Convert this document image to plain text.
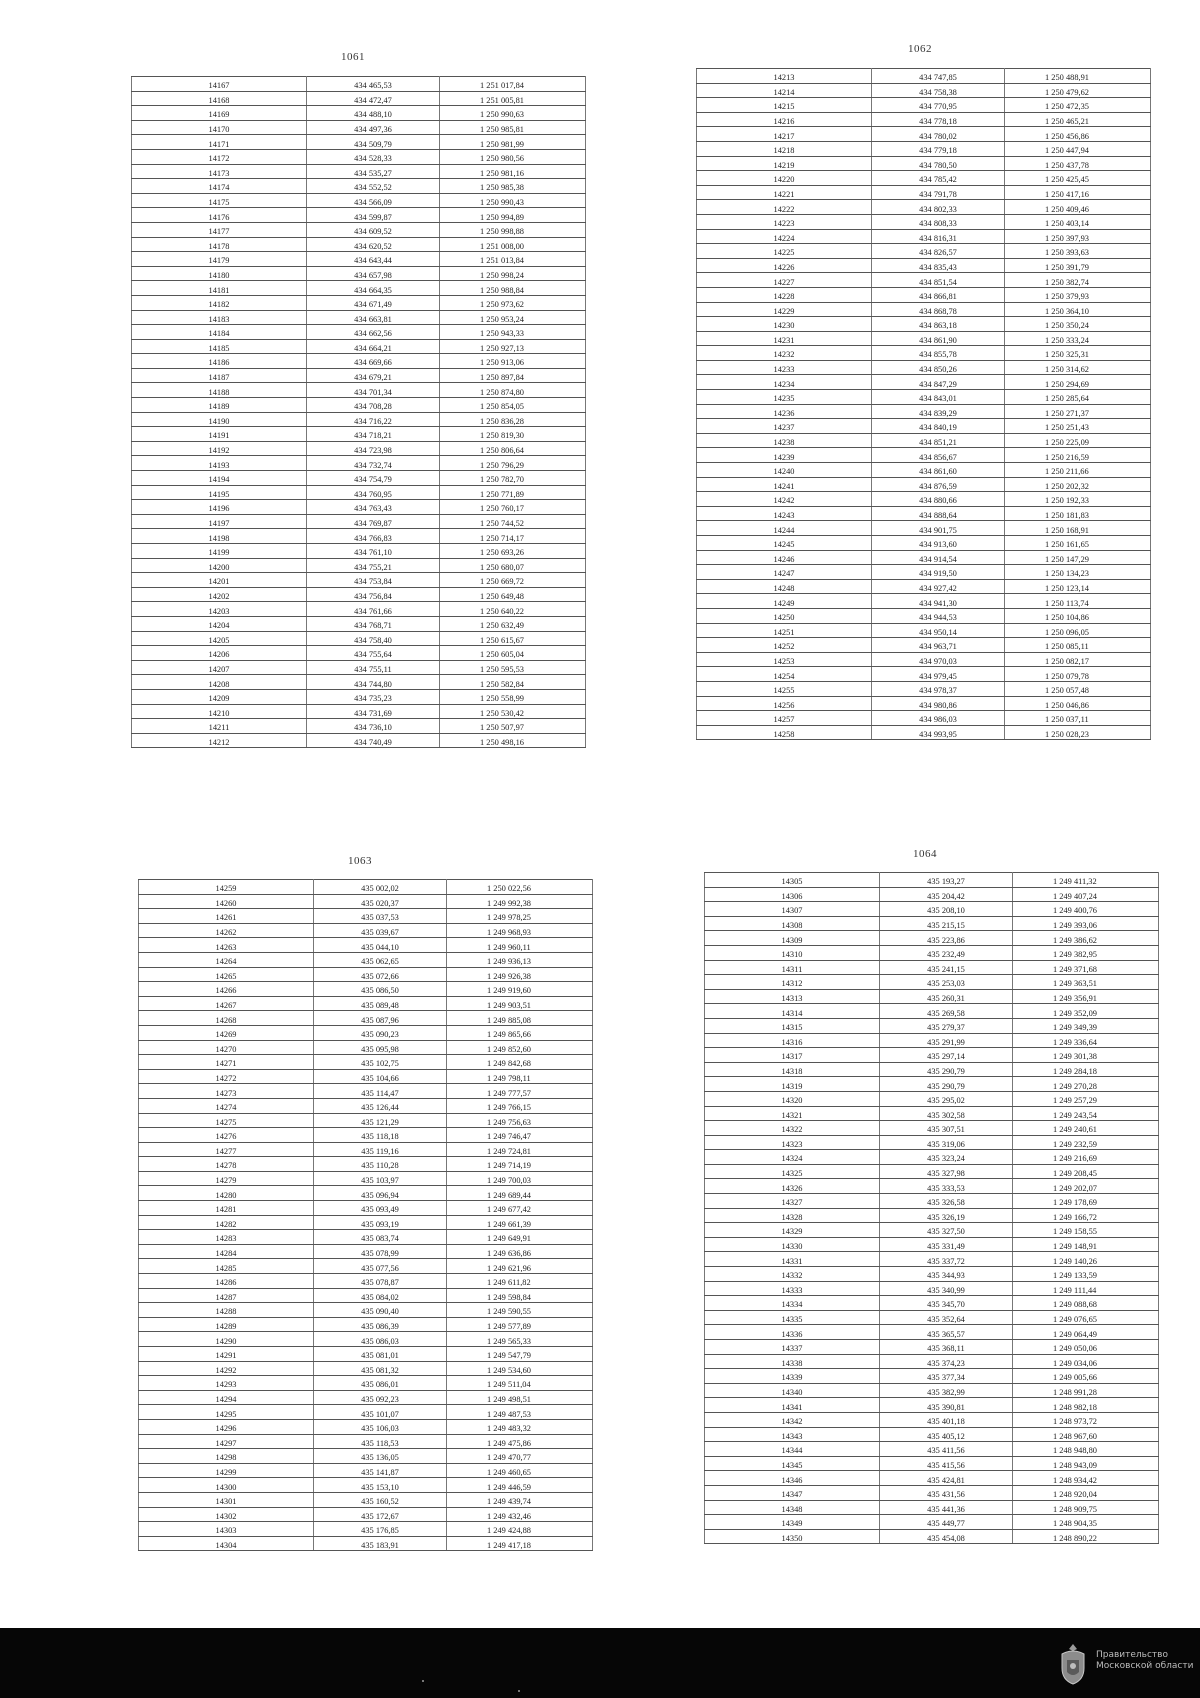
1061
14167	434 465,53	1 251 017,84
14168	434 472,47	1 251 005,81
14169	434 488,10	1 250 990,63
14170	434 497,36	1 250 985,81
14171	434 509,79	1 250 981,99
14172	434 528,33	1 250 980,56
14173	434 535,27	1 250 981,16
14174	434 552,52	1 250 985,38
14175	434 566,09	1 250 990,43
14176	434 599,87	1 250 994,89
14177	434 609,52	1 250 998,88
14178	434 620,52	1 251 008,00
14179	434 643,44	1 251 013,84
14180	434 657,98	1 250 998,24
14181	434 664,35	1 250 988,84
14182	434 671,49	1 250 973,62
14183	434 663,81	1 250 953,24
14184	434 662,56	1 250 943,33
14185	434 664,21	1 250 927,13
14186	434 669,66	1 250 913,06
14187	434 679,21	1 250 897,84
14188	434 701,34	1 250 874,80
14189	434 708,28	1 250 854,05
14190	434 716,22	1 250 836,28
14191	434 718,21	1 250 819,30
14192	434 723,98	1 250 806,64
14193	434 732,74	1 250 796,29
14194	434 754,79	1 250 782,70
14195	434 760,95	1 250 771,89
14196	434 763,43	1 250 760,17
14197	434 769,87	1 250 744,52
14198	434 766,83	1 250 714,17
14199	434 761,10	1 250 693,26
14200	434 755,21	1 250 680,07
14201	434 753,84	1 250 669,72
14202	434 756,84	1 250 649,48
14203	434 761,66	1 250 640,22
14204	434 768,71	1 250 632,49
14205	434 758,40	1 250 615,67
14206	434 755,64	1 250 605,04
14207	434 755,11	1 250 595,53
14208	434 744,80	1 250 582,84
14209	434 735,23	1 250 558,99
14210	434 731,69	1 250 530,42
14211	434 736,10	1 250 507,97
14212	434 740,49	1 250 498,16
1062
14213	434 747,85	1 250 488,91
14214	434 758,38	1 250 479,62
14215	434 770,95	1 250 472,35
14216	434 778,18	1 250 465,21
14217	434 780,02	1 250 456,86
14218	434 779,18	1 250 447,94
14219	434 780,50	1 250 437,78
14220	434 785,42	1 250 425,45
14221	434 791,78	1 250 417,16
14222	434 802,33	1 250 409,46
14223	434 808,33	1 250 403,14
14224	434 816,31	1 250 397,93
14225	434 826,57	1 250 393,63
14226	434 835,43	1 250 391,79
14227	434 851,54	1 250 382,74
14228	434 866,81	1 250 379,93
14229	434 868,78	1 250 364,10
14230	434 863,18	1 250 350,24
14231	434 861,90	1 250 333,24
14232	434 855,78	1 250 325,31
14233	434 850,26	1 250 314,62
14234	434 847,29	1 250 294,69
14235	434 843,01	1 250 285,64
14236	434 839,29	1 250 271,37
14237	434 840,19	1 250 251,43
14238	434 851,21	1 250 225,09
14239	434 856,67	1 250 216,59
14240	434 861,60	1 250 211,66
14241	434 876,59	1 250 202,32
14242	434 880,66	1 250 192,33
14243	434 888,64	1 250 181,83
14244	434 901,75	1 250 168,91
14245	434 913,60	1 250 161,65
14246	434 914,54	1 250 147,29
14247	434 919,50	1 250 134,23
14248	434 927,42	1 250 123,14
14249	434 941,30	1 250 113,74
14250	434 944,53	1 250 104,86
14251	434 950,14	1 250 096,05
14252	434 963,71	1 250 085,11
14253	434 970,03	1 250 082,17
14254	434 979,45	1 250 079,78
14255	434 978,37	1 250 057,48
14256	434 980,86	1 250 046,86
14257	434 986,03	1 250 037,11
14258	434 993,95	1 250 028,23
1063
14259	435 002,02	1 250 022,56
14260	435 020,37	1 249 992,38
14261	435 037,53	1 249 978,25
14262	435 039,67	1 249 968,93
14263	435 044,10	1 249 960,11
14264	435 062,65	1 249 936,13
14265	435 072,66	1 249 926,38
14266	435 086,50	1 249 919,60
14267	435 089,48	1 249 903,51
14268	435 087,96	1 249 885,08
14269	435 090,23	1 249 865,66
14270	435 095,98	1 249 852,60
14271	435 102,75	1 249 842,68
14272	435 104,66	1 249 798,11
14273	435 114,47	1 249 777,57
14274	435 126,44	1 249 766,15
14275	435 121,29	1 249 756,63
14276	435 118,18	1 249 746,47
14277	435 119,16	1 249 724,81
14278	435 110,28	1 249 714,19
14279	435 103,97	1 249 700,03
14280	435 096,94	1 249 689,44
14281	435 093,49	1 249 677,42
14282	435 093,19	1 249 661,39
14283	435 083,74	1 249 649,91
14284	435 078,99	1 249 636,86
14285	435 077,56	1 249 621,96
14286	435 078,87	1 249 611,82
14287	435 084,02	1 249 598,84
14288	435 090,40	1 249 590,55
14289	435 086,39	1 249 577,89
14290	435 086,03	1 249 565,33
14291	435 081,01	1 249 547,79
14292	435 081,32	1 249 534,60
14293	435 086,01	1 249 511,04
14294	435 092,23	1 249 498,51
14295	435 101,07	1 249 487,53
14296	435 106,03	1 249 483,32
14297	435 118,53	1 249 475,86
14298	435 136,05	1 249 470,77
14299	435 141,87	1 249 460,65
14300	435 153,10	1 249 446,59
14301	435 160,52	1 249 439,74
14302	435 172,67	1 249 432,46
14303	435 176,85	1 249 424,88
14304	435 183,91	1 249 417,18
1064
14305	435 193,27	1 249 411,32
14306	435 204,42	1 249 407,24
14307	435 208,10	1 249 400,76
14308	435 215,15	1 249 393,06
14309	435 223,86	1 249 386,62
14310	435 232,49	1 249 382,95
14311	435 241,15	1 249 371,68
14312	435 253,03	1 249 363,51
14313	435 260,31	1 249 356,91
14314	435 269,58	1 249 352,09
14315	435 279,37	1 249 349,39
14316	435 291,99	1 249 336,64
14317	435 297,14	1 249 301,38
14318	435 290,79	1 249 284,18
14319	435 290,79	1 249 270,28
14320	435 295,02	1 249 257,29
14321	435 302,58	1 249 243,54
14322	435 307,51	1 249 240,61
14323	435 319,06	1 249 232,59
14324	435 323,24	1 249 216,69
14325	435 327,98	1 249 208,45
14326	435 333,53	1 249 202,07
14327	435 326,58	1 249 178,69
14328	435 326,19	1 249 166,72
14329	435 327,50	1 249 158,55
14330	435 331,49	1 249 148,91
14331	435 337,72	1 249 140,26
14332	435 344,93	1 249 133,59
14333	435 340,99	1 249 111,44
14334	435 345,70	1 249 088,68
14335	435 352,64	1 249 076,65
14336	435 365,57	1 249 064,49
14337	435 368,11	1 249 050,06
14338	435 374,23	1 249 034,06
14339	435 377,34	1 249 005,66
14340	435 382,99	1 248 991,28
14341	435 390,81	1 248 982,18
14342	435 401,18	1 248 973,72
14343	435 405,12	1 248 967,60
14344	435 411,56	1 248 948,80
14345	435 415,56	1 248 943,09
14346	435 424,81	1 248 934,42
14347	435 431,56	1 248 920,04
14348	435 441,36	1 248 909,75
14349	435 449,77	1 248 904,35
14350	435 454,08	1 248 890,22
Правительство
Московской области
